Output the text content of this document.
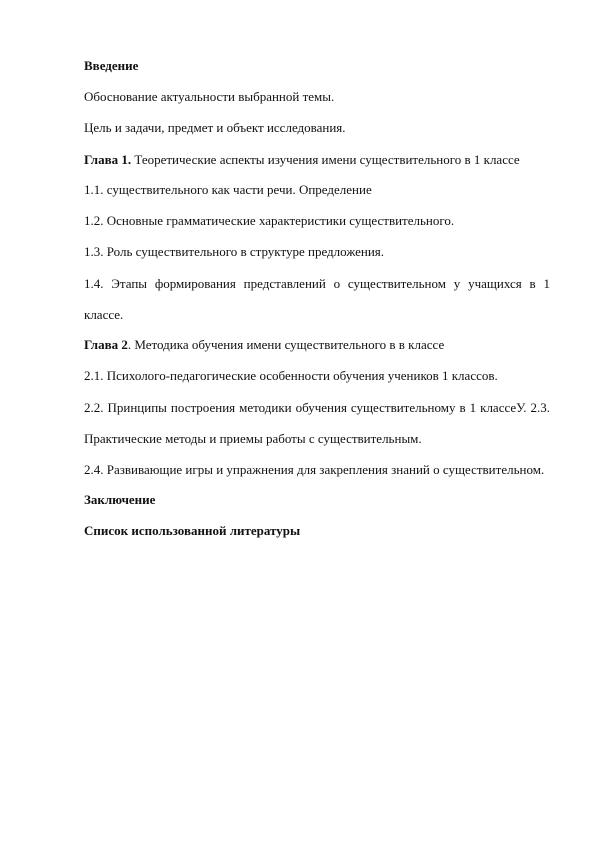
Введение
Обоснование актуальности выбранной темы.
Цель и задачи, предмет и объект исследования.
Глава 1. Теоретические аспекты изучения имени существительного в 1 классе
1.1. существительного как части речи. Определение
1.2. Основные грамматические характеристики существительного.
1.3. Роль существительного в структуре предложения.
1.4. Этапы формирования представлений о существительном у учащихся в 1 классе.
Глава 2. Методика обучения имени существительного в в классе
2.1. Психолого-педагогические особенности обучения учеников 1 классов.
2.2. Принципы построения методики обучения существительному в 1 классеУ. 2.3. Практические методы и приемы работы с существительным.
2.4. Развивающие игры и упражнения для закрепления знаний о существительном.
Заключение
Список использованной литературы
